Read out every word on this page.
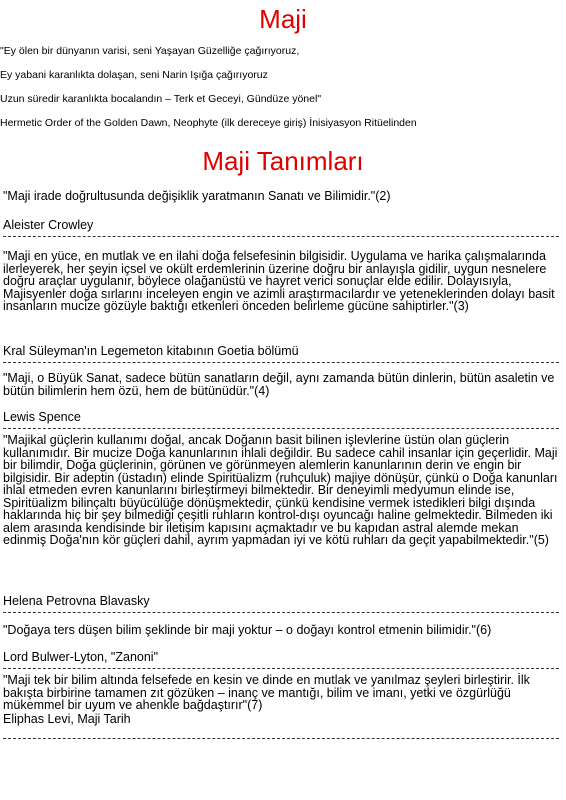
Maji
"Ey ölen bir dünyanın varisi, seni Yaşayan Güzelliğe çağırıyoruz,
Ey yabani karanlıkta dolaşan, seni Narin Işığa çağırıyoruz
Uzun süredir karanlıkta bocalandın – Terk et Geceyi, Gündüze yönel"
Hermetic Order of the Golden Dawn, Neophyte (ilk dereceye giriş) İnisiyasyon Ritüelinden
Maji Tanımları
"Maji irade doğrultusunda değişiklik yaratmanın Sanatı ve Bilimidir."(2)
Aleister Crowley
"Maji en yüce, en mutlak ve en ilahi doğa felsefesinin bilgisidir. Uygulama ve harika çalışmalarında ilerleyerek, her şeyin içsel ve okült erdemlerinin üzerine doğru bir anlayışla gidilir, uygun nesnelere doğru araçlar uygulanır, böylece olağanüstü ve hayret verici sonuçlar elde edilir. Dolayısıyla, Majisyenler doğa sırlarını inceleyen engin ve azimli araştırmacılardır ve yeteneklerinden dolayı basit insanların mucize gözüyle baktığı etkenleri önceden belirleme gücüne sahiptirler."(3)
Kral Süleyman'ın Legemeton kitabının Goetia bölümü
"Maji, o Büyük Sanat, sadece bütün sanatların değil, aynı zamanda bütün dinlerin, bütün asaletin ve bütün bilimlerin hem özü, hem de bütünüdür."(4)
Lewis Spence
"Majikal güçlerin kullanımı doğal, ancak Doğanın basit bilinen işlevlerine üstün olan güçlerin kullanımıdır. Bir mucize Doğa kanunlarının ihlali değildir. Bu sadece cahil insanlar için geçerlidir. Maji bir bilimdir, Doğa güçlerinin, görünen ve görünmeyen alemlerin kanunlarının derin ve engin bir bilgisidir. Bir adeptin (üstadın) elinde Spiritüalizm (ruhçuluk) majiye dönüşür, çünkü o Doğa kanunları ihlal etmeden evren kanunlarını birleştirmeyi bilmektedir. Bir deneyimli medyumun elinde ise, Spiritüalizm bilinçaltı büyücülüğe dönüşmektedir, çünkü kendisine vermek istedikleri bilgi dışında haklarında hiç bir şey bilmediği çeşitli ruhların kontrol-dışı oyuncağı haline gelmektedir. Bilmeden iki alem arasında kendisinde bir iletişim kapısını açmaktadır ve bu kapıdan astral alemde mekan edinmiş Doğa'nın kör güçleri dahil, ayrım yapmadan iyi ve kötü ruhları da geçit yapabilmektedir."(5)
Helena Petrovna Blavasky
"Doğaya ters düşen bilim şeklinde bir maji yoktur – o doğayı kontrol etmenin bilimidir."(6)
Lord Bulwer-Lyton, "Zanoni"
"Maji tek bir bilim altında felsefede en kesin ve dinde en mutlak ve yanılmaz şeyleri birleştirir. İlk bakışta birbirine tamamen zıt gözüken – inanç ve mantığı, bilim ve imanı, yetki ve özgürlüğü mükemmel bir uyum ve ahenkle bağdaştırır"(7)
Eliphas Levi, Maji Tarih
